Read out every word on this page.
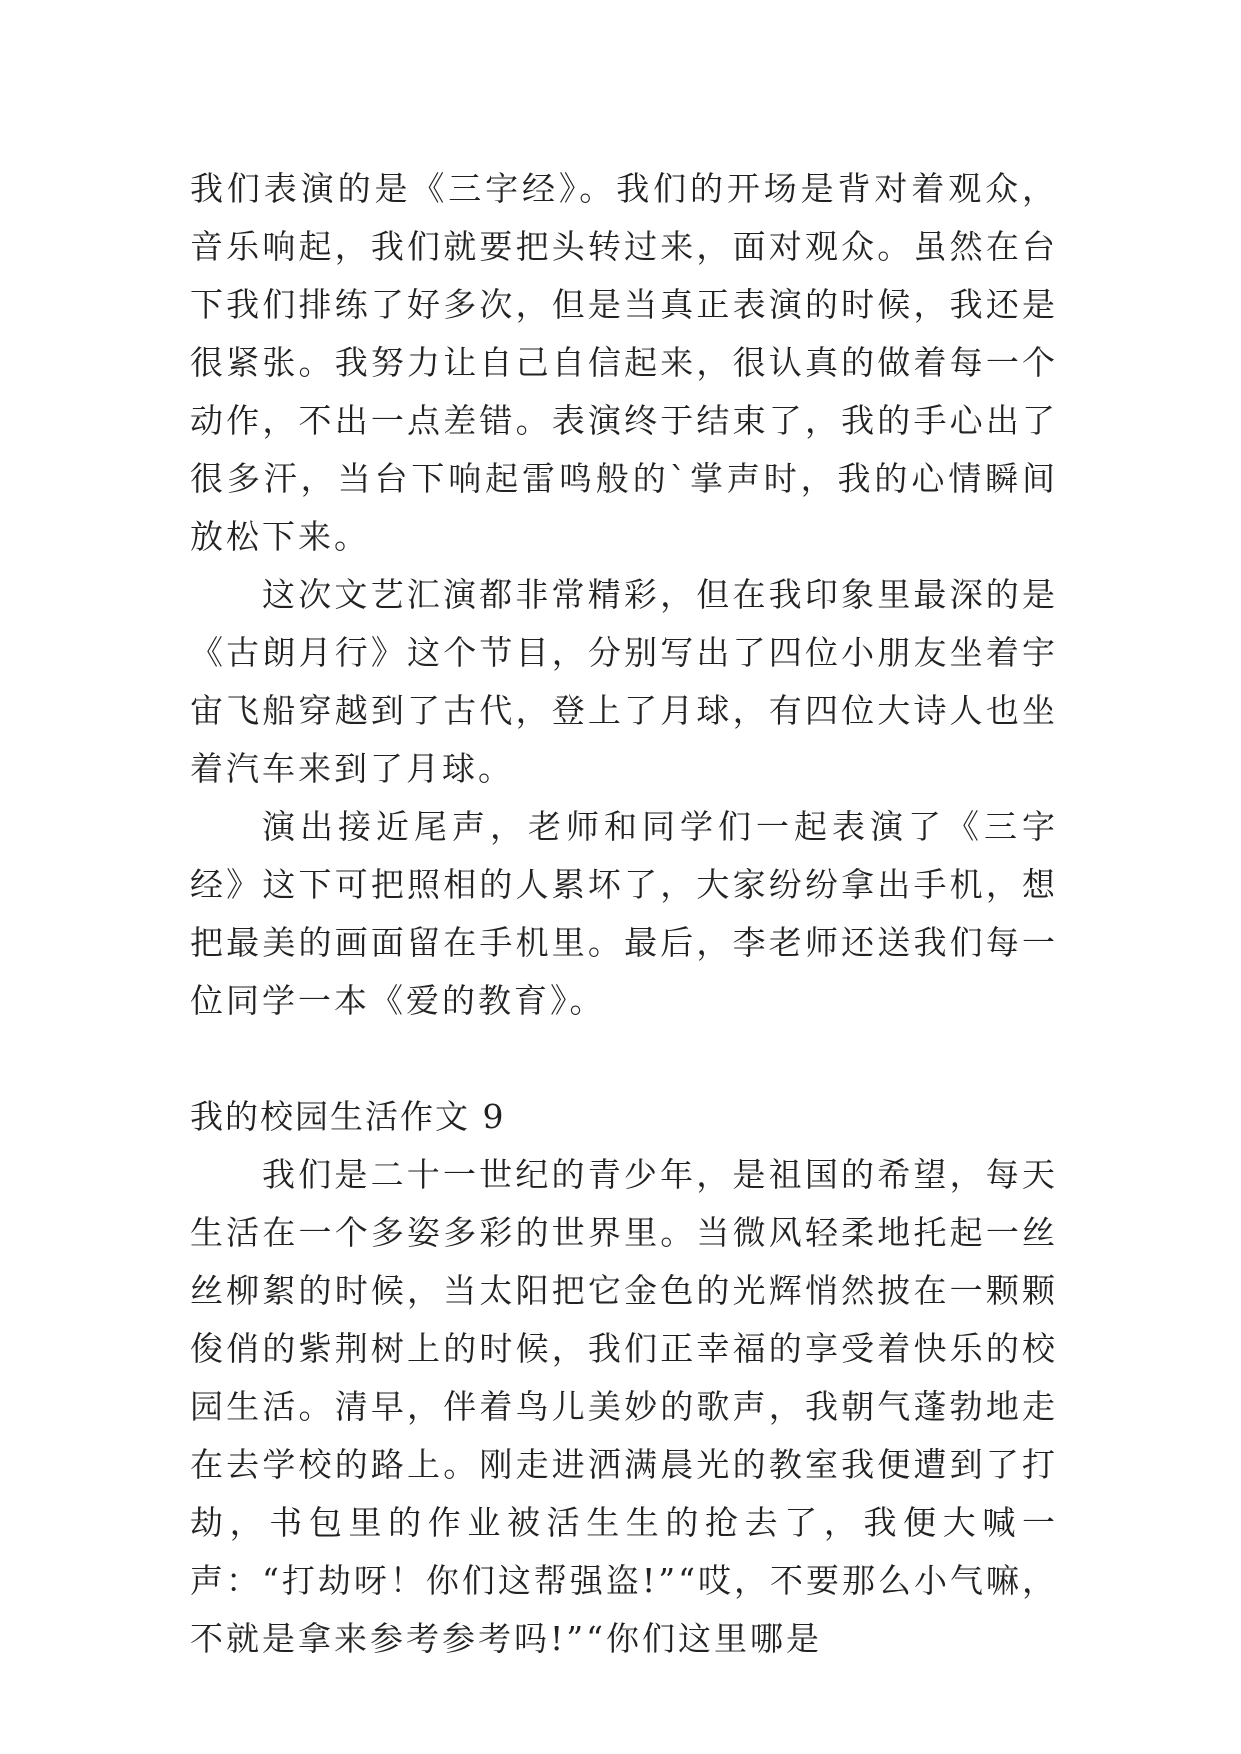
我们表演的是《三字经》。我们的开场是背对着观众，音乐响起，我们就要把头转过来，面对观众。虽然在台下我们排练了好多次，但是当真正表演的时候，我还是很紧张。我努力让自己自信起来，很认真的做着每一个动作，不出一点差错。表演终于结束了，我的手心出了很多汗，当台下响起雷鸣般的`掌声时，我的心情瞬间放松下来。

这次文艺汇演都非常精彩，但在我印象里最深的是《古朗月行》这个节目，分别写出了四位小朋友坐着宇宙飞船穿越到了古代，登上了月球，有四位大诗人也坐着汽车来到了月球。

演出接近尾声，老师和同学们一起表演了《三字经》这下可把照相的人累坏了，大家纷纷拿出手机，想把最美的画面留在手机里。最后，李老师还送我们每一位同学一本《爱的教育》。

我的校园生活作文 9

我们是二十一世纪的青少年，是祖国的希望，每天生活在一个多姿多彩的世界里。当微风轻柔地托起一丝丝柳絮的时候，当太阳把它金色的光辉悄然披在一颗颗俊俏的紫荆树上的时候，我们正幸福的享受着快乐的校园生活。清早，伴着鸟儿美妙的歌声，我朝气蓬勃地走在去学校的路上。刚走进洒满晨光的教室我便遭到了打劫，书包里的作业被活生生的抢去了，我便大喊一声：“打劫呀！你们这帮强盗!”“哎，不要那么小气嘛，不就是拿来参考参考吗!”“你们这里哪是
